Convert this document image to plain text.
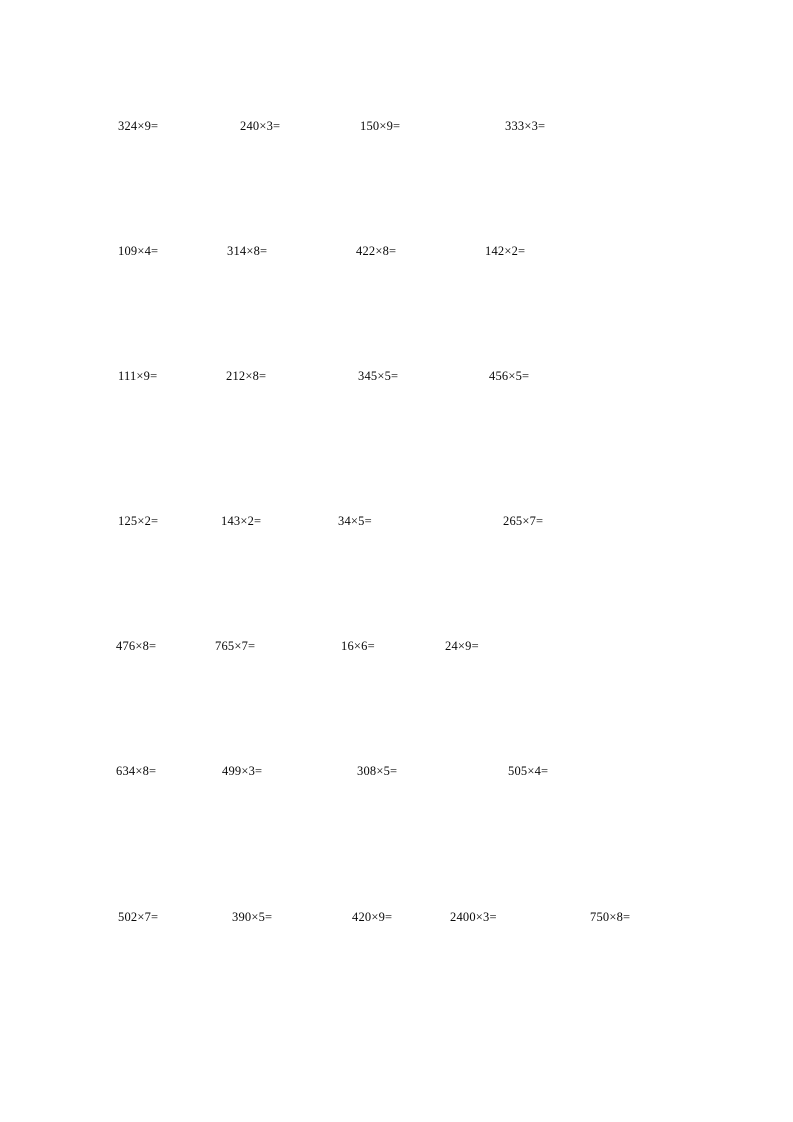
324×9=	240×3=	150×9=	333×3=
109×4=	314×8=	422×8=	142×2=
111×9=	212×8=	345×5=	456×5=
125×2=	143×2=	34×5=	265×7=
476×8=	765×7=	16×6=	24×9=
634×8=	499×3=	308×5=	505×4=
502×7=	390×5=	420×9=	2400×3=	750×8=
